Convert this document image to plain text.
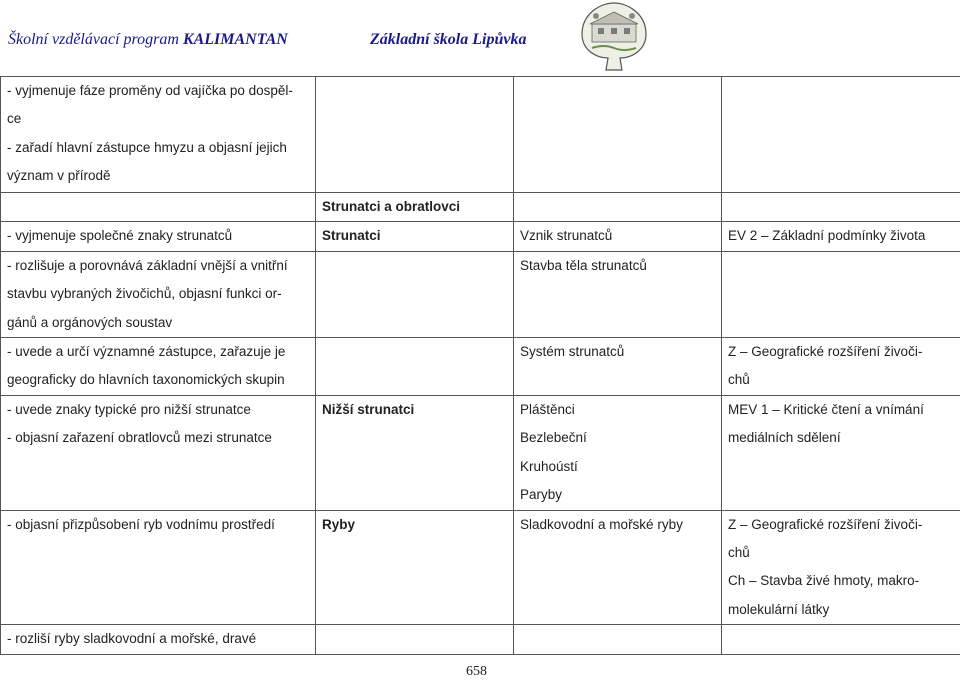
Školní vzdělávací program KALIMANTAN	Základní škola Lipůvka
- vyjmenuje fáze proměny od vajíčka po dospěl-
ce
- zařadí hlavní zástupce hmyzu a objasní jejich
význam v přírodě			

	Strunatci a obratlovci		

- vyjmenuje společné znaky strunatců	Strunatci	Vznik strunatců	EV 2 – Základní podmínky života

- rozlišuje a porovnává základní vnější a vnitřní
stavbu vybraných živočichů, objasní funkci or-
gánů a orgánových soustav		Stavba těla strunatců	

- uvede a určí významné zástupce, zařazuje je
geograficky do hlavních taxonomických skupin		Systém strunatců	Z – Geografické rozšíření živoči-
chů

- uvede znaky typické pro nižší strunatce
- objasní zařazení obratlovců mezi strunatce	Nižší strunatci	Pláštěnci
Bezlebeční
Kruhoústí
Paryby	MEV 1 – Kritické čtení a vnímání
mediálních sdělení

- objasní přizpůsobení ryb vodnímu prostředí	Ryby	Sladkovodní a mořské ryby	Z – Geografické rozšíření živoči-
chů
Ch – Stavba živé hmoty, makro-
molekulární látky

- rozliší ryby sladkovodní a mořské, dravé			

658
